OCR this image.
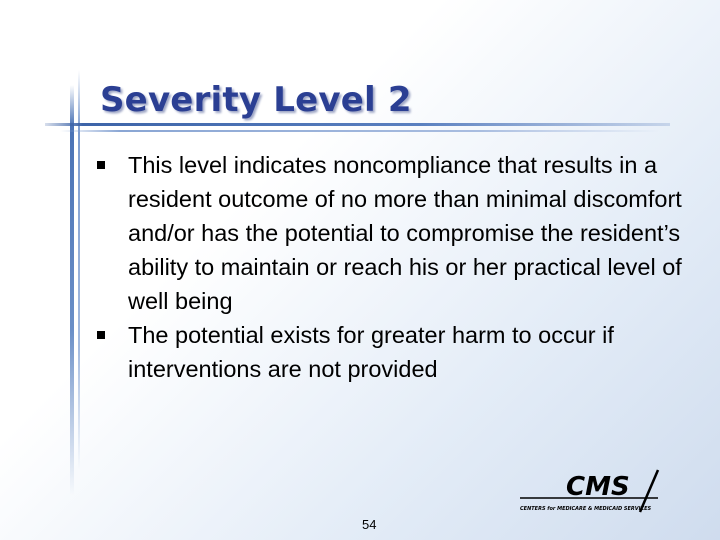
Severity Level 2
This level indicates noncompliance that results in a resident outcome of no more than minimal discomfort and/or has the potential to compromise the resident’s ability to maintain or reach his or her practical level of well being
The potential exists for greater harm to occur if interventions are not provided
54
CMS
CENTERS for MEDICARE & MEDICAID SERVICES
